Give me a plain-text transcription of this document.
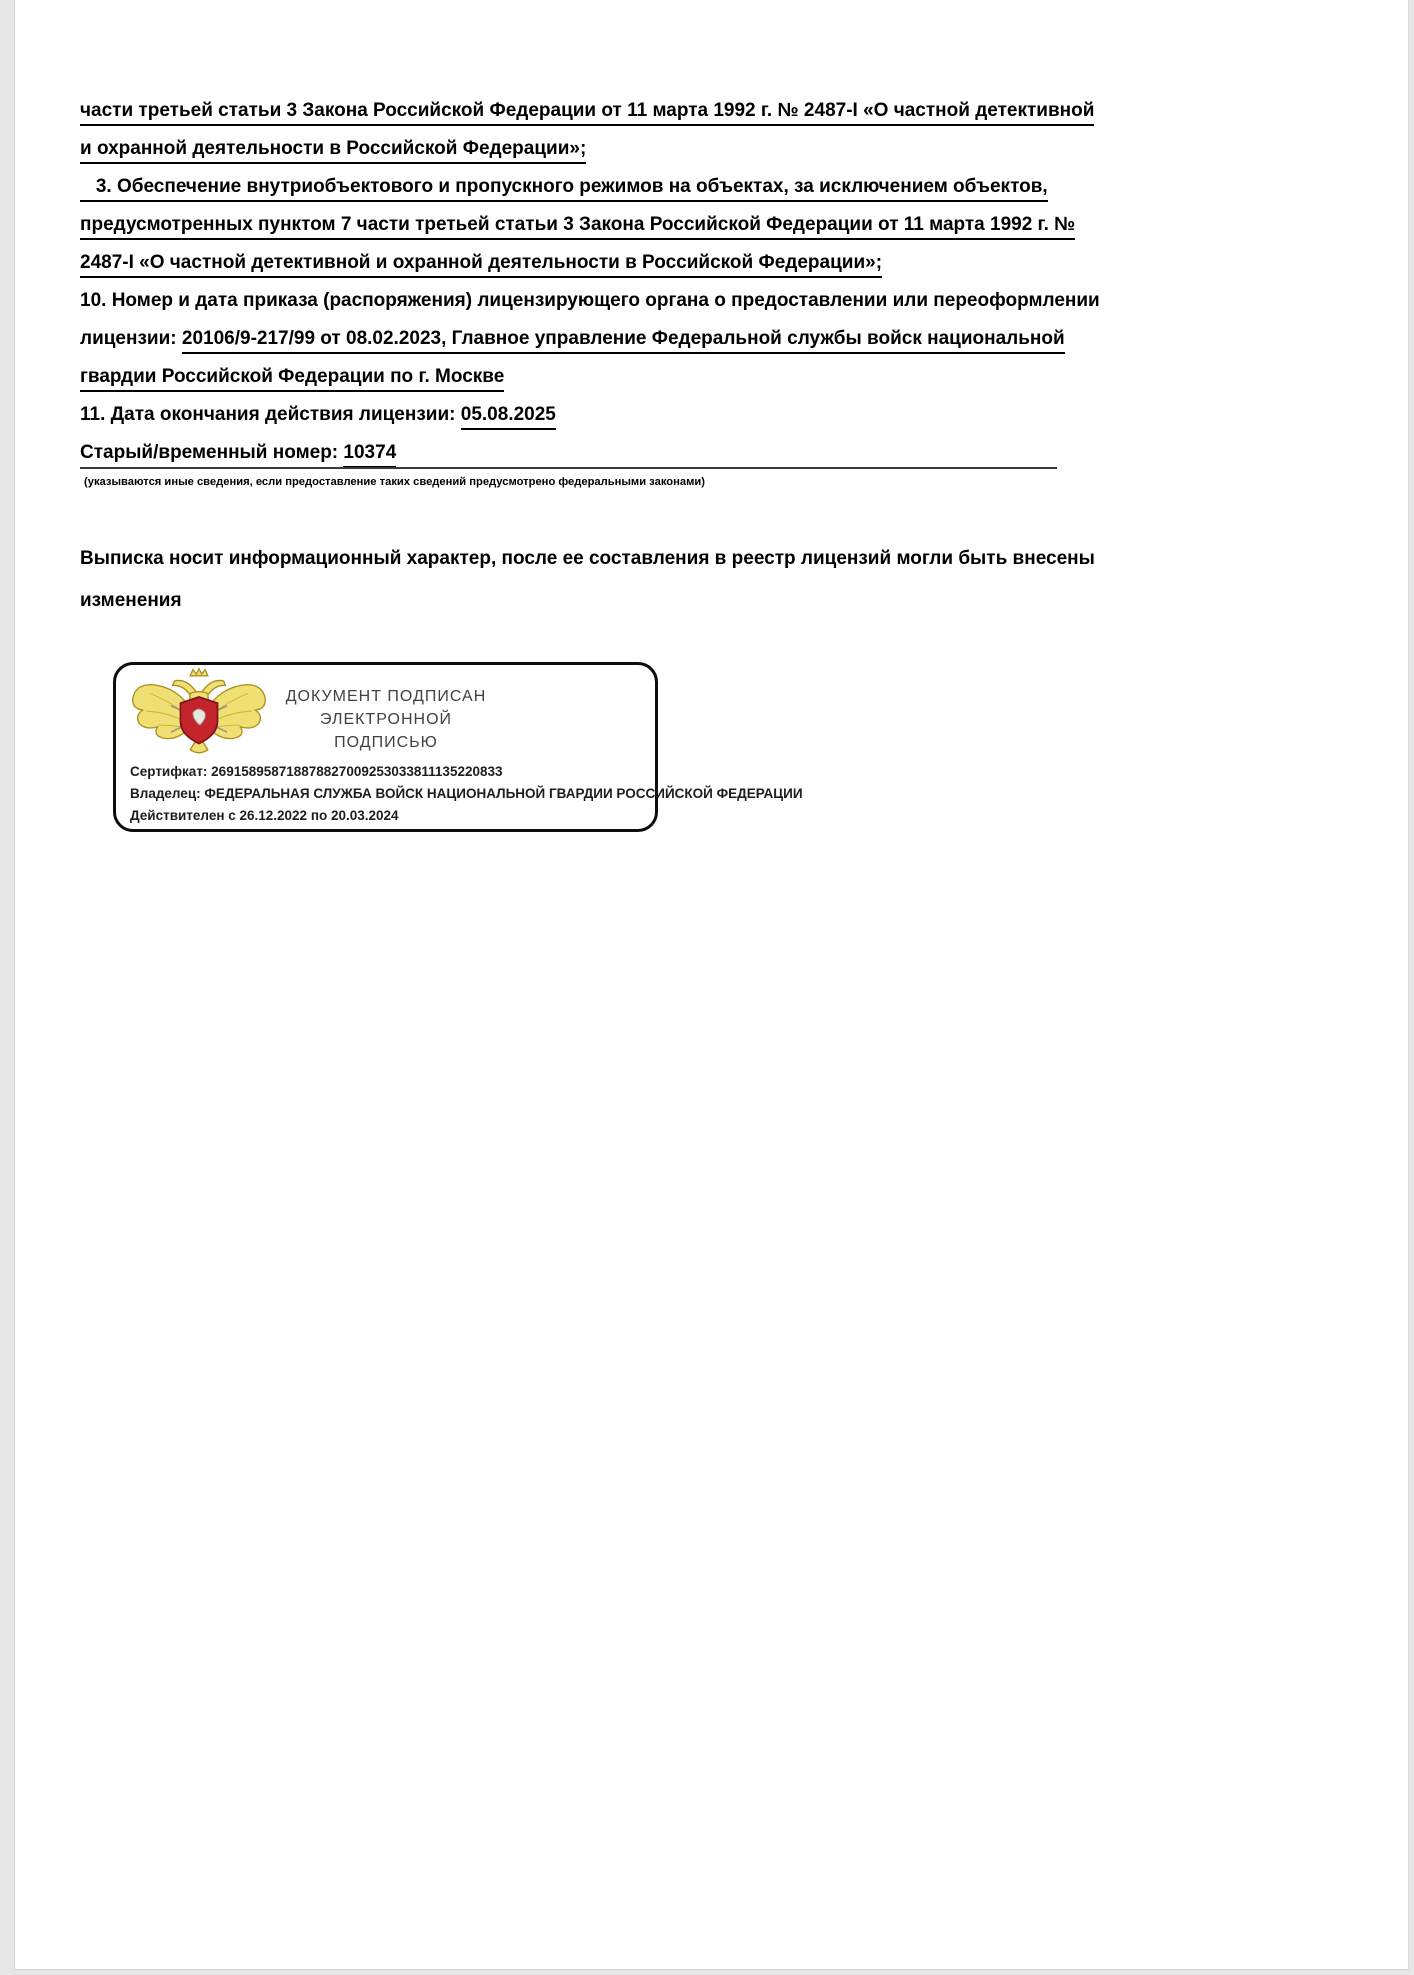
части третьей статьи 3 Закона Российской Федерации от 11 марта 1992 г. № 2487-I «О частной детективной
и охранной деятельности в Российской Федерации»;
3. Обеспечение внутриобъектового и пропускного режимов на объектах, за исключением объектов,
предусмотренных пунктом 7 части третьей статьи 3 Закона Российской Федерации от 11 марта 1992 г. №
2487-I «О частной детективной и охранной деятельности в Российской Федерации»;
10. Номер и дата приказа (распоряжения) лицензирующего органа о предоставлении или переоформлении
лицензии: 20106/9-217/99 от 08.02.2023, Главное управление Федеральной службы войск национальной
гвардии Российской Федерации по г. Москве
11. Дата окончания действия лицензии: 05.08.2025
Старый/временный номер: 10374
(указываются иные сведения, если предоставление таких сведений предусмотрено федеральными законами)
Выписка носит информационный характер, после ее составления в реестр лицензий могли быть внесены
изменения
ДОКУМЕНТ ПОДПИСАН
ЭЛЕКТРОННОЙ ПОДПИСЬЮ
Сертифкат: 269158958718878827009253033811135220833
Владелец: ФЕДЕРАЛЬНАЯ СЛУЖБА ВОЙСК НАЦИОНАЛЬНОЙ ГВАРДИИ РОССИЙСКОЙ ФЕДЕРАЦИИ
Действителен с 26.12.2022 по 20.03.2024
